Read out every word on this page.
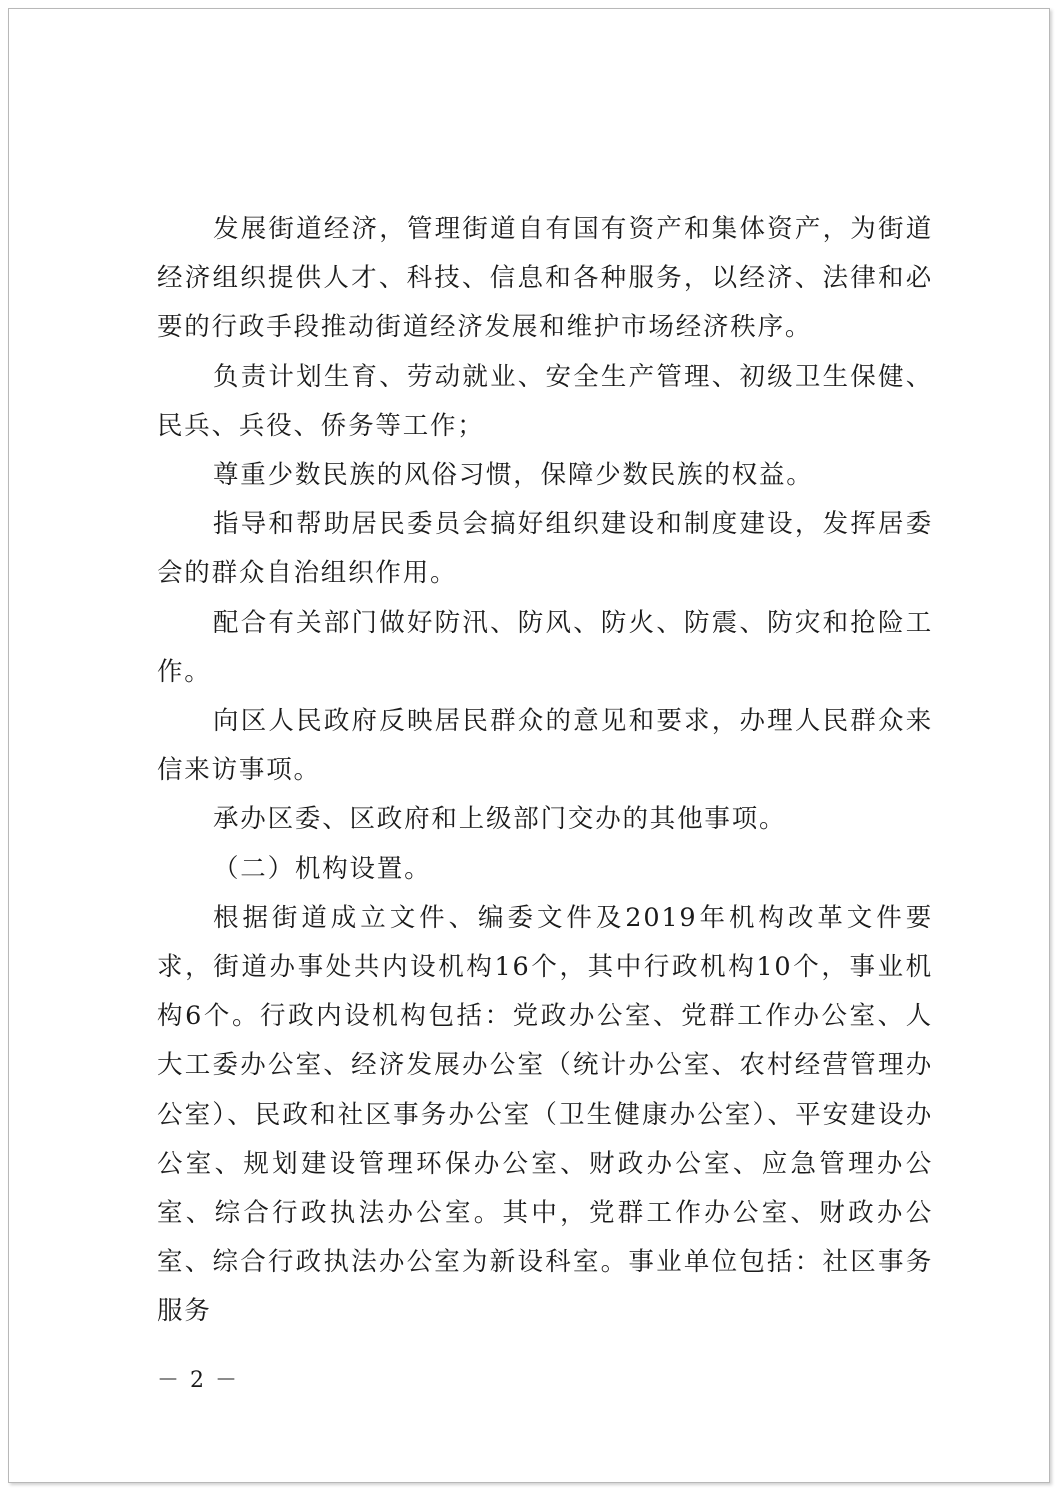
发展街道经济，管理街道自有国有资产和集体资产，为街道经济组织提供人才、科技、信息和各种服务，以经济、法律和必要的行政手段推动街道经济发展和维护市场经济秩序。

负责计划生育、劳动就业、安全生产管理、初级卫生保健、民兵、兵役、侨务等工作；

尊重少数民族的风俗习惯，保障少数民族的权益。

指导和帮助居民委员会搞好组织建设和制度建设，发挥居委会的群众自治组织作用。

配合有关部门做好防汛、防风、防火、防震、防灾和抢险工作。

向区人民政府反映居民群众的意见和要求，办理人民群众来信来访事项。

承办区委、区政府和上级部门交办的其他事项。

（二）机构设置。

根据街道成立文件、编委文件及2019年机构改革文件要求，街道办事处共内设机构16个，其中行政机构10个，事业机构6个。行政内设机构包括：党政办公室、党群工作办公室、人大工委办公室、经济发展办公室（统计办公室、农村经营管理办公室）、民政和社区事务办公室（卫生健康办公室）、平安建设办公室、规划建设管理环保办公室、财政办公室、应急管理办公室、综合行政执法办公室。其中，党群工作办公室、财政办公室、综合行政执法办公室为新设科室。事业单位包括：社区事务服务

－ 2 －
